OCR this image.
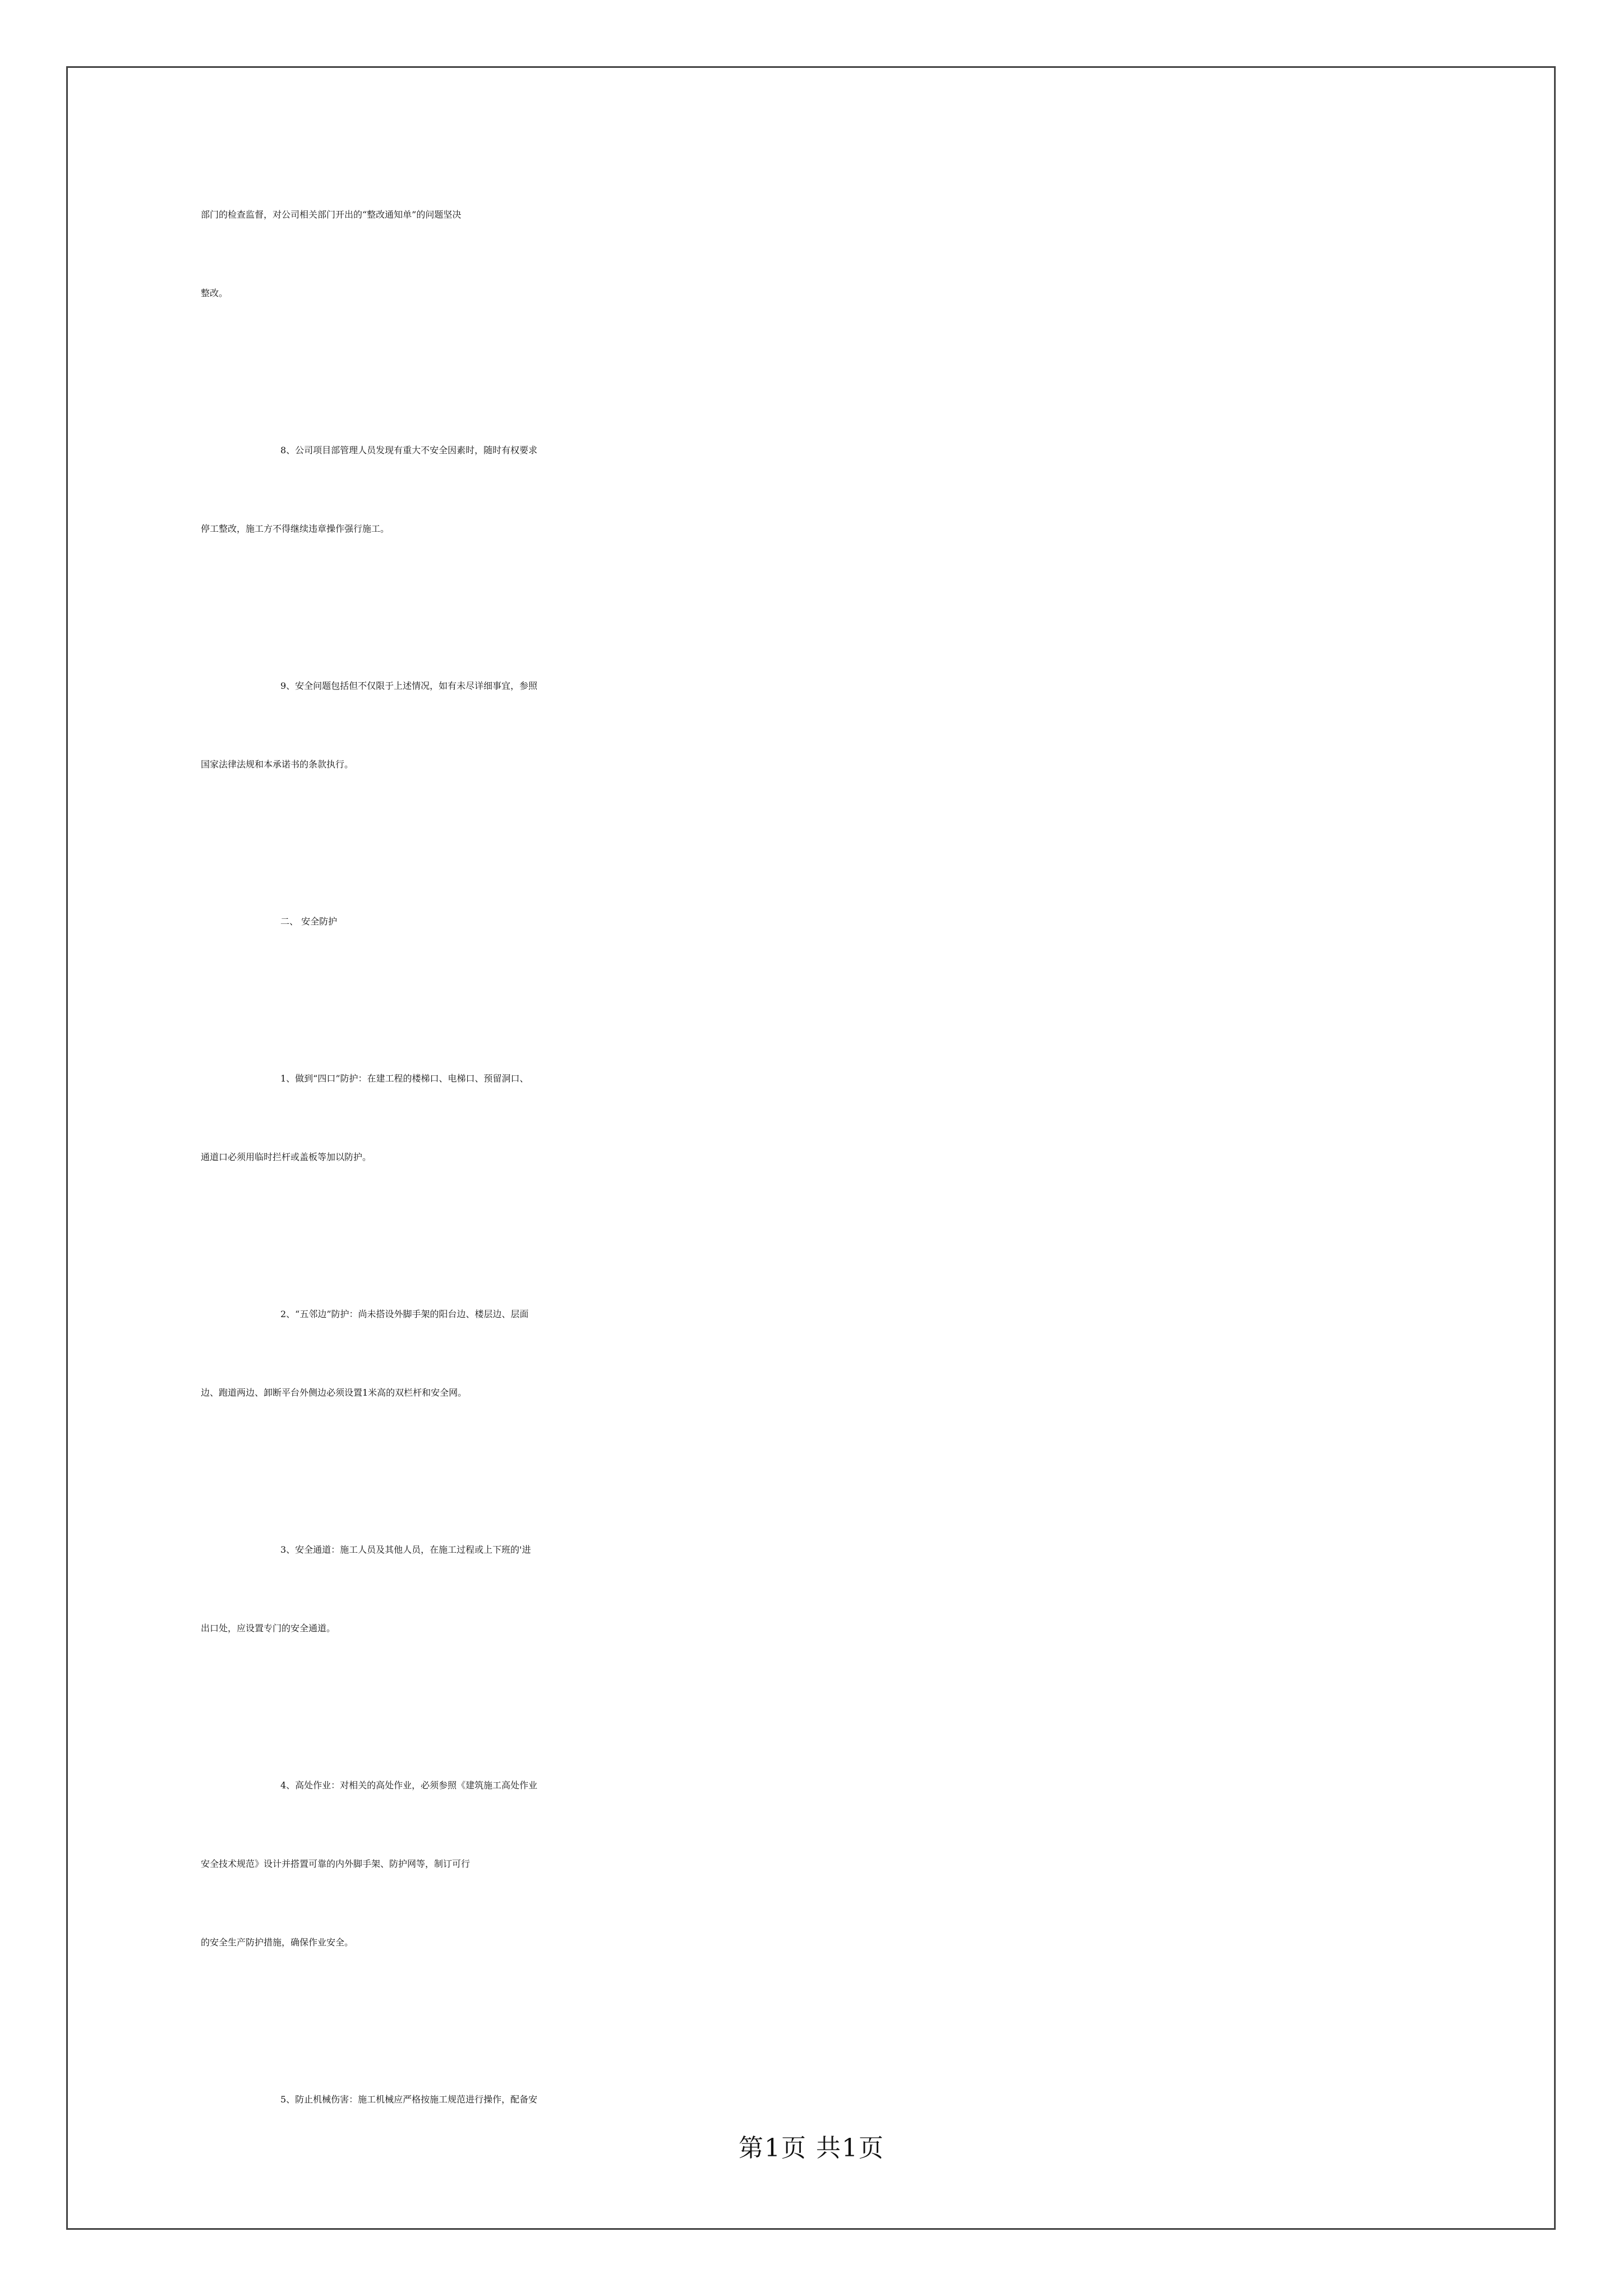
部门的检查监督，对公司相关部门开出的“整改通知单”的问题坚决
整改。
8、公司项目部管理人员发现有重大不安全因素时，随时有权要求
停工整改，施工方不得继续违章操作强行施工。
9、安全问题包括但不仅限于上述情况，如有未尽详细事宜，参照
国家法律法规和本承诺书的条款执行。
二、 安全防护
1、做到“四口”防护：在建工程的楼梯口、电梯口、预留洞口、
通道口必须用临时拦杆或盖板等加以防护。
2、“五邻边”防护：尚未搭设外脚手架的阳台边、楼层边、层面
边、跑道两边、卸断平台外侧边必须设置1米高的双栏杆和安全网。
3、安全通道：施工人员及其他人员，在施工过程或上下班的'进
出口处，应设置专门的安全通道。
4、高处作业：对相关的高处作业，必须参照《建筑施工高处作业
安全技术规范》设计并搭置可靠的内外脚手架、防护网等，制订可行
的安全生产防护措施，确保作业安全。
5、防止机械伤害：施工机械应严格按施工规范进行操作，配备安
第1页 共1页
